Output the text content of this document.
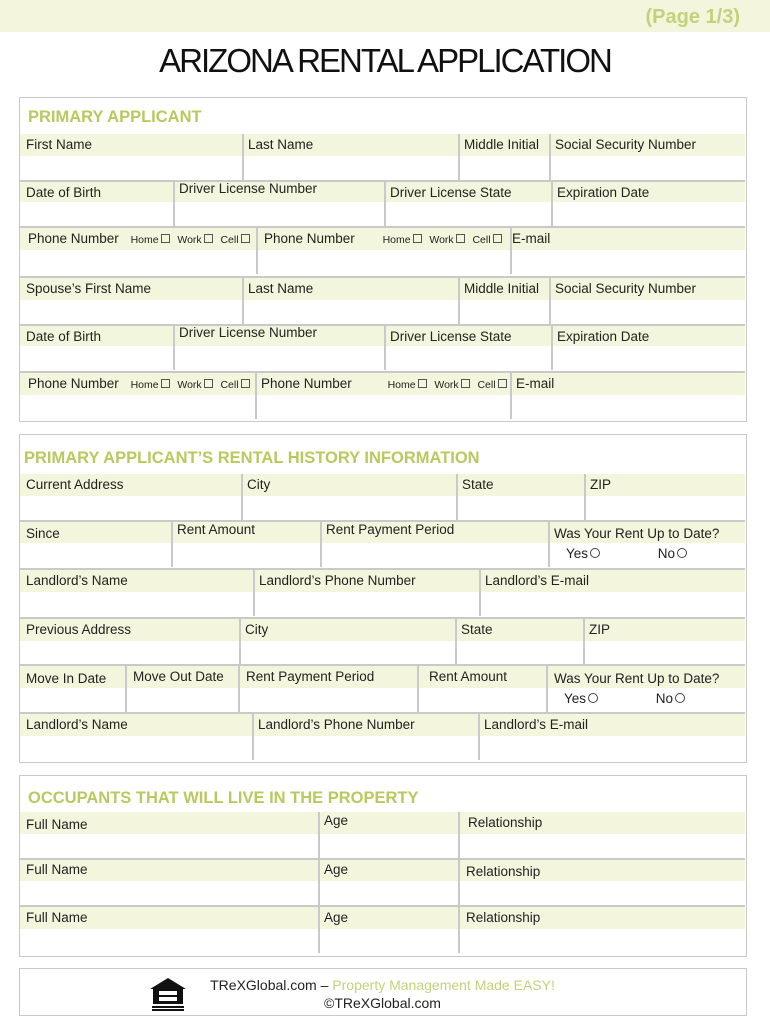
(Page 1/3)
ARIZONA RENTAL APPLICATION
PRIMARY APPLICANT
First Name	Last Name	Middle Initial	Social Security Number
Date of Birth	Driver License Number	Driver License State	Expiration Date
Phone Number Home Work Cell	Phone Number	Home Work Cell	E-mail
Spouse’s First Name	Last Name	Middle Initial	Social Security Number
Date of Birth	Driver License Number	Driver License State	Expiration Date
Phone Number Home Work Cell	Phone Number	Home Work Cell	E-mail
PRIMARY APPLICANT’S RENTAL HISTORY INFORMATION
Current Address	City	State	ZIP
Since	Rent Amount	Rent Payment Period	Was Your Rent Up to Date?
Yes	No
Landlord’s Name	Landlord’s Phone Number	Landlord’s E-mail
Previous Address	City	State	ZIP
Move In Date	Move Out Date	Rent Payment Period	Rent Amount	Was Your Rent Up to Date?
Yes	No
Landlord’s Name	Landlord’s Phone Number	Landlord’s E-mail
OCCUPANTS THAT WILL LIVE IN THE PROPERTY
Full Name	Age	Relationship
Full Name	Age	Relationship
Full Name	Age	Relationship
TReXGlobal.com – Property Management Made EASY!
©TReXGlobal.com
